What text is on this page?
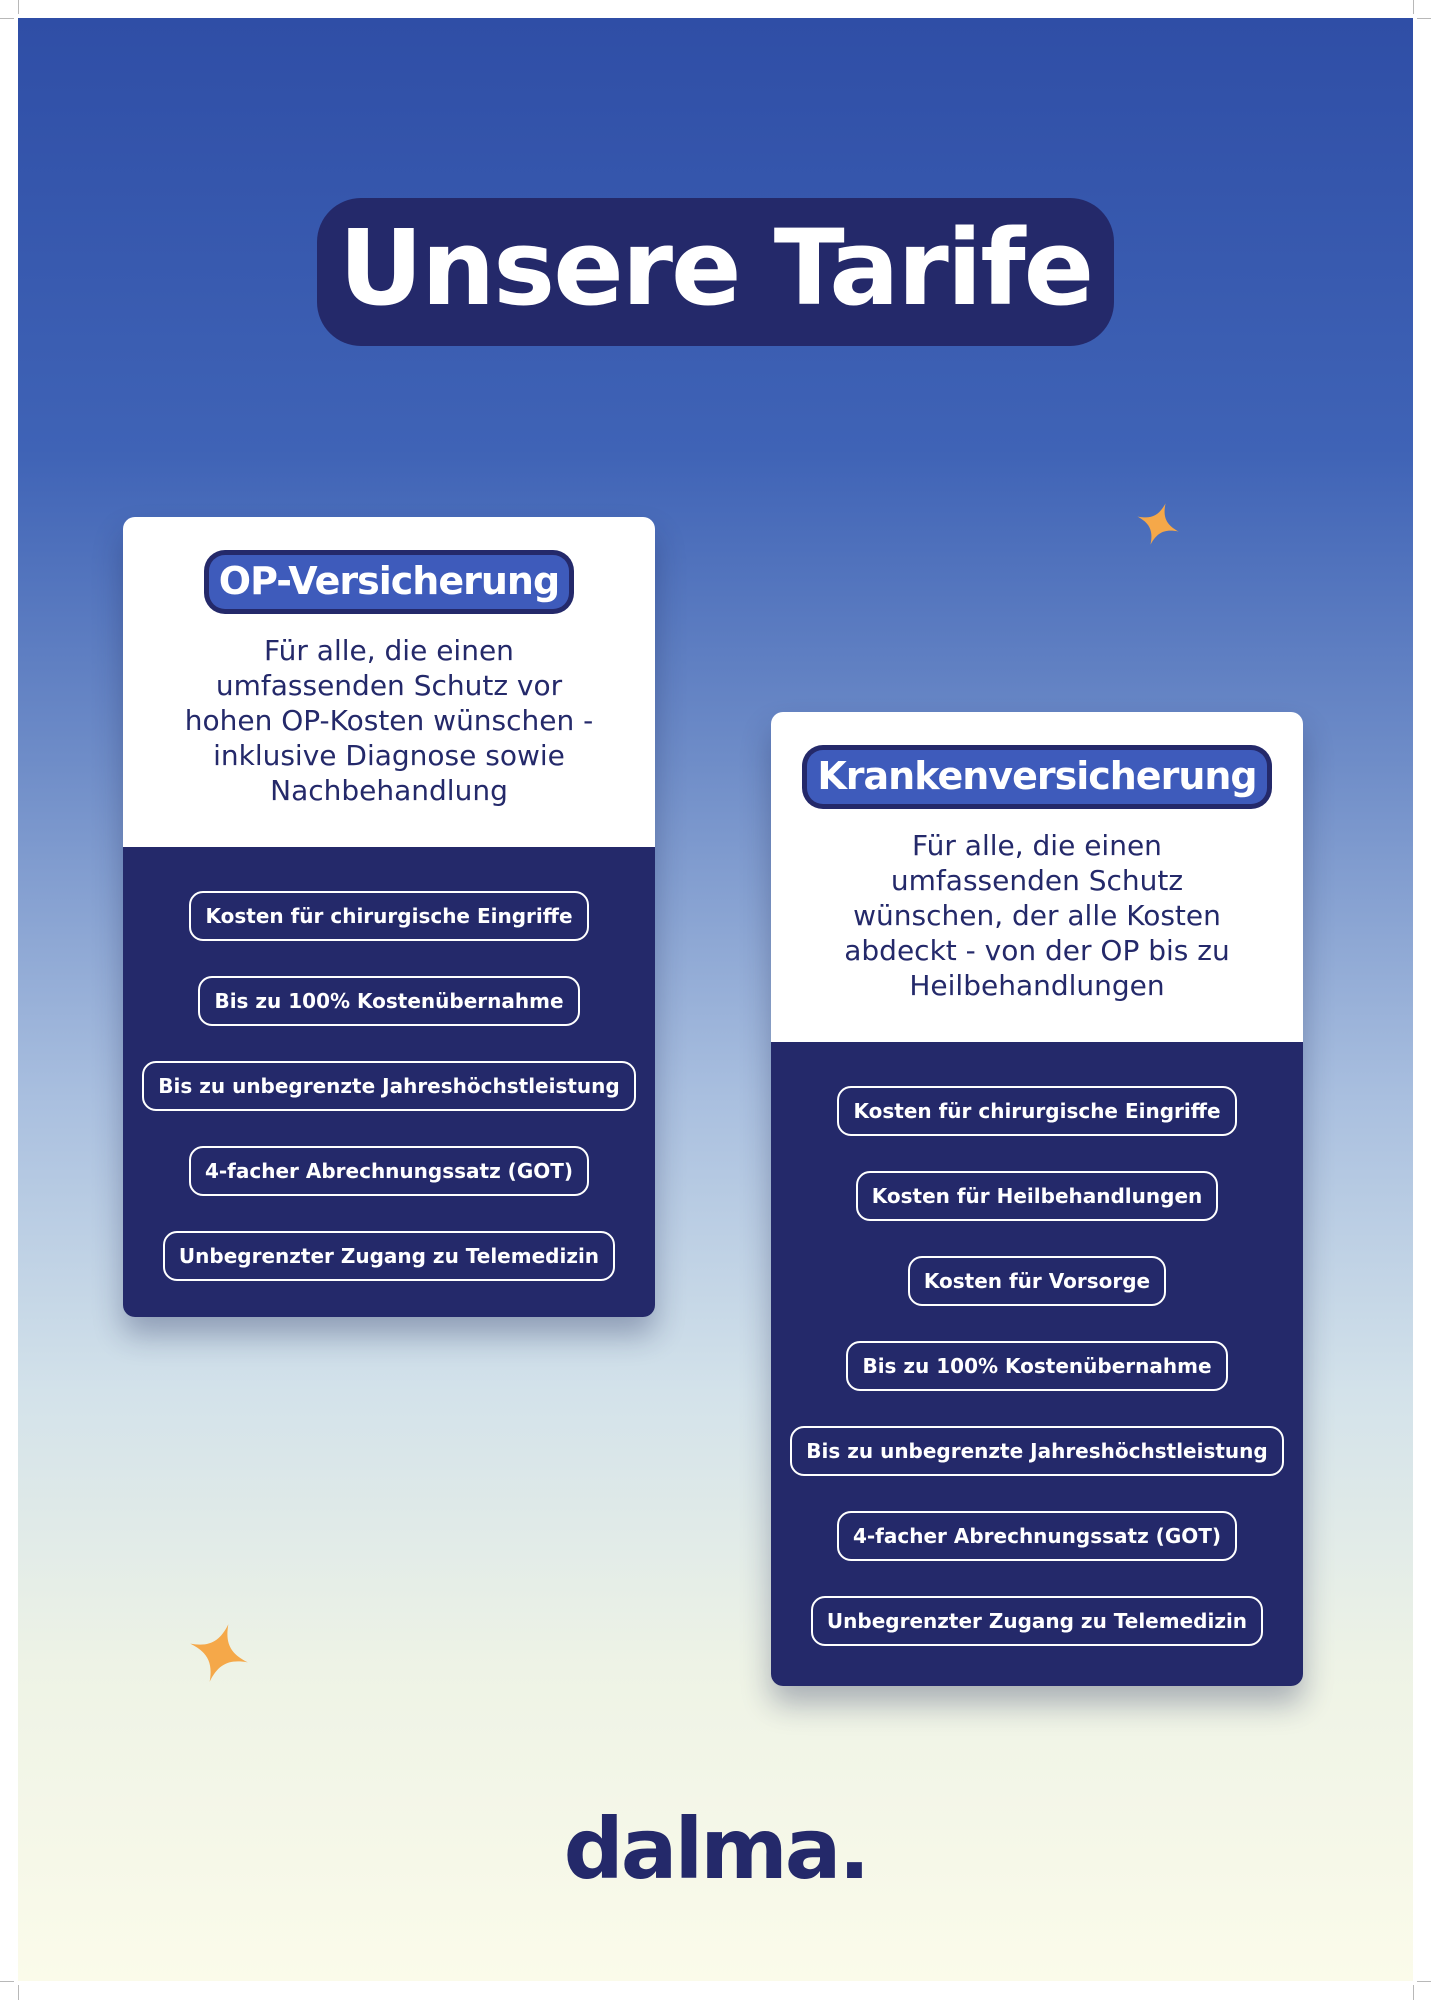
Unsere Tarife
OP-Versicherung
Für alle, die einen umfassenden Schutz vor hohen OP-Kosten wünschen - inklusive Diagnose sowie Nachbehandlung
Kosten für chirurgische Eingriffe
Bis zu 100% Kostenübernahme
Bis zu unbegrenzte Jahreshöchstleistung
4-facher Abrechnungssatz (GOT)
Unbegrenzter Zugang zu Telemedizin
Krankenversicherung
Für alle, die einen umfassenden Schutz wünschen, der alle Kosten abdeckt - von der OP bis zu Heilbehandlungen
Kosten für chirurgische Eingriffe
Kosten für Heilbehandlungen
Kosten für Vorsorge
Bis zu 100% Kostenübernahme
Bis zu unbegrenzte Jahreshöchstleistung
4-facher Abrechnungssatz (GOT)
Unbegrenzter Zugang zu Telemedizin
dalma.
